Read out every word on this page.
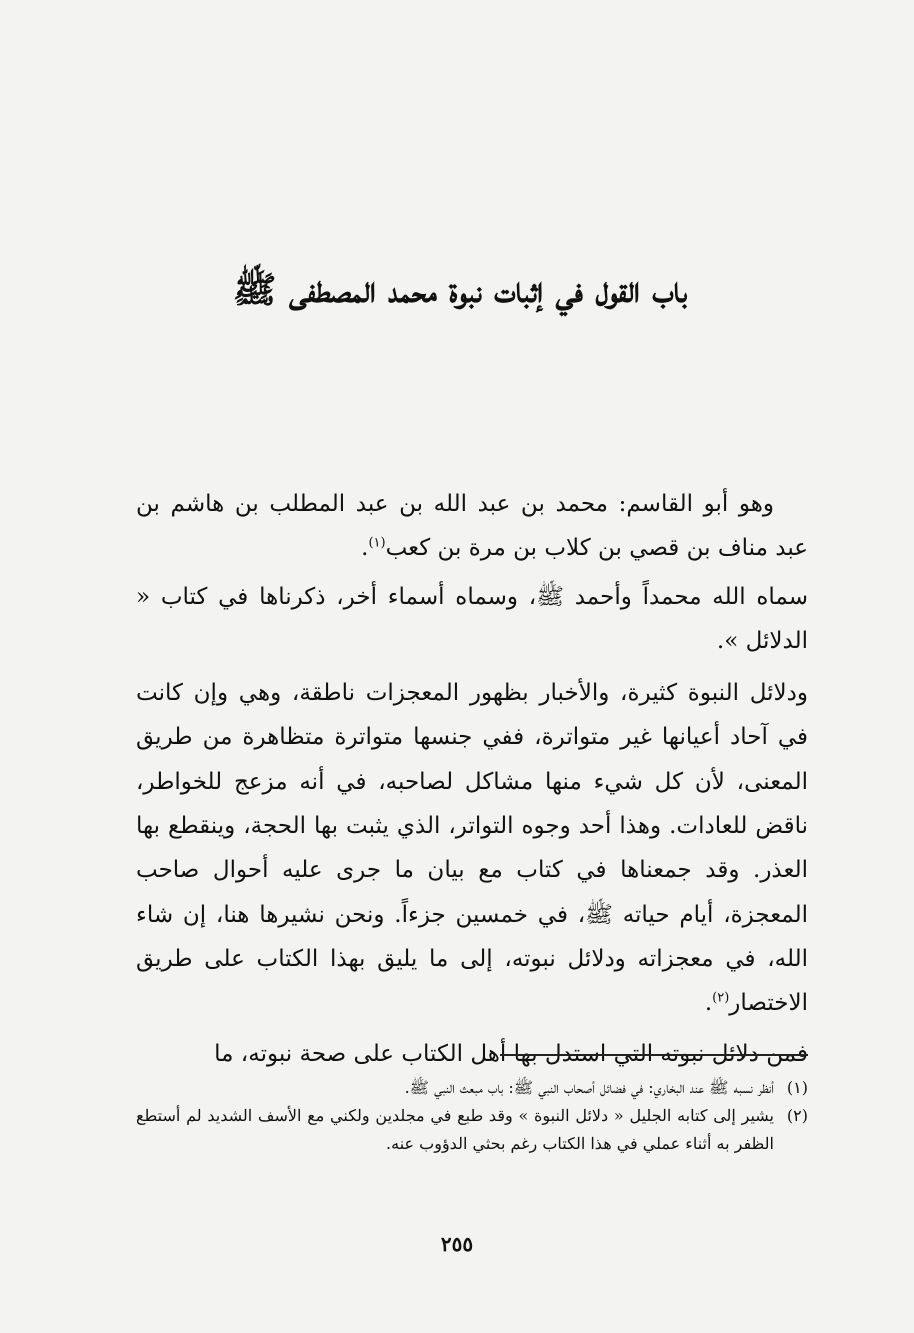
باب القول في إثبات نبوة محمد المصطفى ﷺ

وهو أبو القاسم: محمد بن عبد الله بن عبد المطلب بن هاشم بن عبد مناف بن قصي بن كلاب بن مرة بن كعب$^{(١)}$.

سماه الله محمداً وأحمد ﷺ، وسماه أسماء أخر، ذكرناها في كتاب « الدلائل ».

ودلائل النبوة كثيرة، والأخبار بظهور المعجزات ناطقة، وهي وإن كانت في آحاد أعيانها غير متواترة، ففي جنسها متواترة متظاهرة من طريق المعنى، لأن كل شيء منها مشاكل لصاحبه، في أنه مزعج للخواطر، ناقض للعادات. وهذا أحد وجوه التواتر، الذي يثبت بها الحجة، وينقطع بها العذر. وقد جمعناها في كتاب مع بيان ما جرى عليه أحوال صاحب المعجزة، أيام حياته ﷺ، في خمسين جزءاً. ونحن نشيرها هنا، إن شاء الله، في معجزاته ودلائل نبوته، إلى ما يليق بهذا الكتاب على طريق الاختصار$^{(٢)}$.

فمن دلائل نبوته التي استدل بها أهل الكتاب على صحة نبوته، ما

(١)
أنظر نسبه ﷺ عند البخاري: في فضائل أصحاب النبي ﷺ: باب مبعث النبي ﷺ.

(٢)
يشير إلى كتابه الجليل « دلائل النبوة » وقد طبع في مجلدين ولكني مع الأسف الشديد لم أستطع الظفر به أثناء عملي في هذا الكتاب رغم بحثي الدؤوب عنه.

٢٥٥
